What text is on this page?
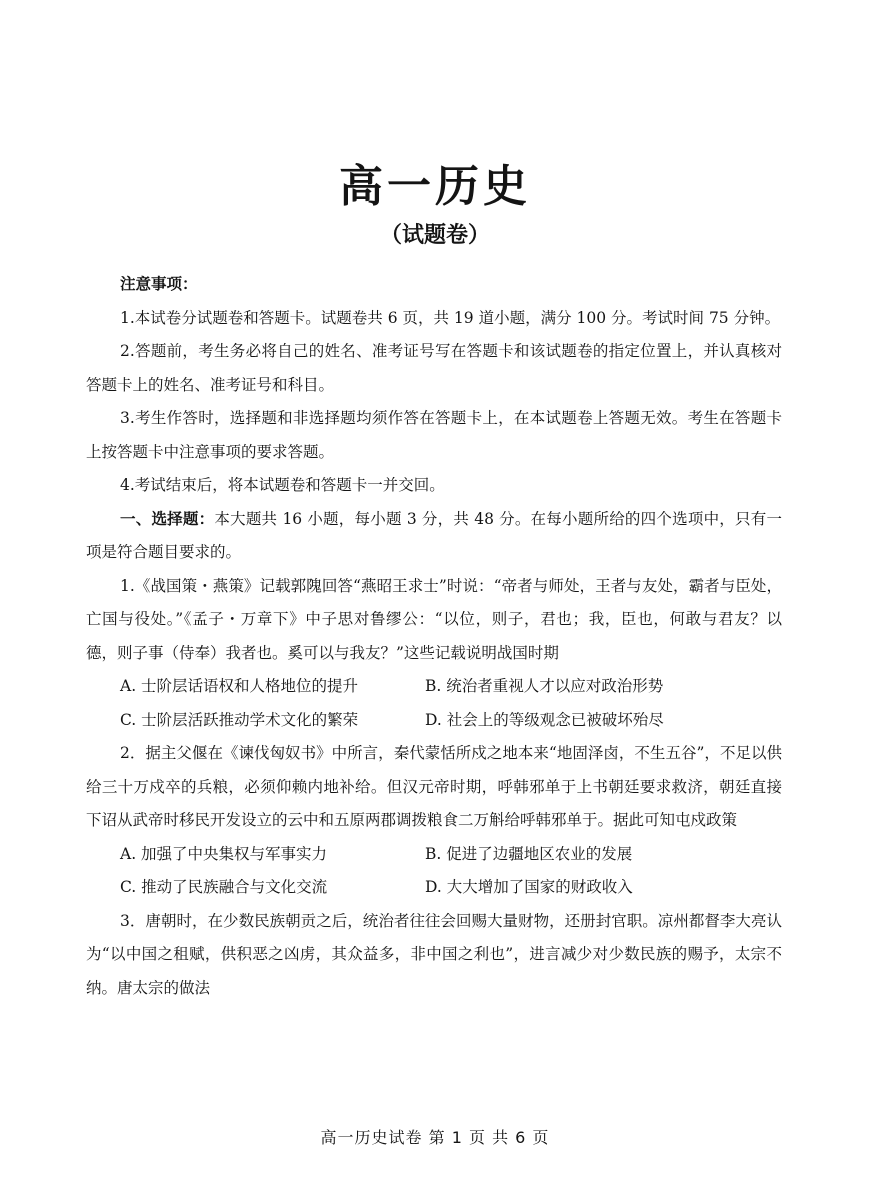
高一历史
（试题卷）

注意事项：

1.本试卷分试题卷和答题卡。试题卷共 6 页，共 19 道小题，满分 100 分。考试时间 75 分钟。

2.答题前，考生务必将自己的姓名、准考证号写在答题卡和该试题卷的指定位置上，并认真核对答题卡上的姓名、准考证号和科目。

3.考生作答时，选择题和非选择题均须作答在答题卡上，在本试题卷上答题无效。考生在答题卡上按答题卡中注意事项的要求答题。

4.考试结束后，将本试题卷和答题卡一并交回。

一、选择题：本大题共 16 小题，每小题 3 分，共 48 分。在每小题所给的四个选项中，只有一项是符合题目要求的。

1.《战国策・燕策》记载郭隗回答“燕昭王求士”时说：“帝者与师处，王者与友处，霸者与臣处，亡国与役处。”《孟子・万章下》中子思对鲁缪公：“以位，则子，君也；我，臣也，何敢与君友？以德，则子事（侍奉）我者也。奚可以与我友？”这些记载说明战国时期

A. 士阶层话语权和人格地位的提升	B. 统治者重视人才以应对政治形势

C. 士阶层活跃推动学术文化的繁荣	D. 社会上的等级观念已被破坏殆尽

2．据主父偃在《谏伐匈奴书》中所言，秦代蒙恬所戍之地本来“地固泽卤，不生五谷”，不足以供给三十万戍卒的兵粮，必须仰赖内地补给。但汉元帝时期，呼韩邪单于上书朝廷要求救济，朝廷直接下诏从武帝时移民开发设立的云中和五原两郡调拨粮食二万斛给呼韩邪单于。据此可知屯戍政策

A. 加强了中央集权与军事实力	B. 促进了边疆地区农业的发展

C. 推动了民族融合与文化交流	D. 大大增加了国家的财政收入

3．唐朝时，在少数民族朝贡之后，统治者往往会回赐大量财物，还册封官职。凉州都督李大亮认为“以中国之租赋，供积恶之凶虏，其众益多，非中国之利也”，进言减少对少数民族的赐予，太宗不纳。唐太宗的做法

高一历史试卷 第 1 页 共 6 页
